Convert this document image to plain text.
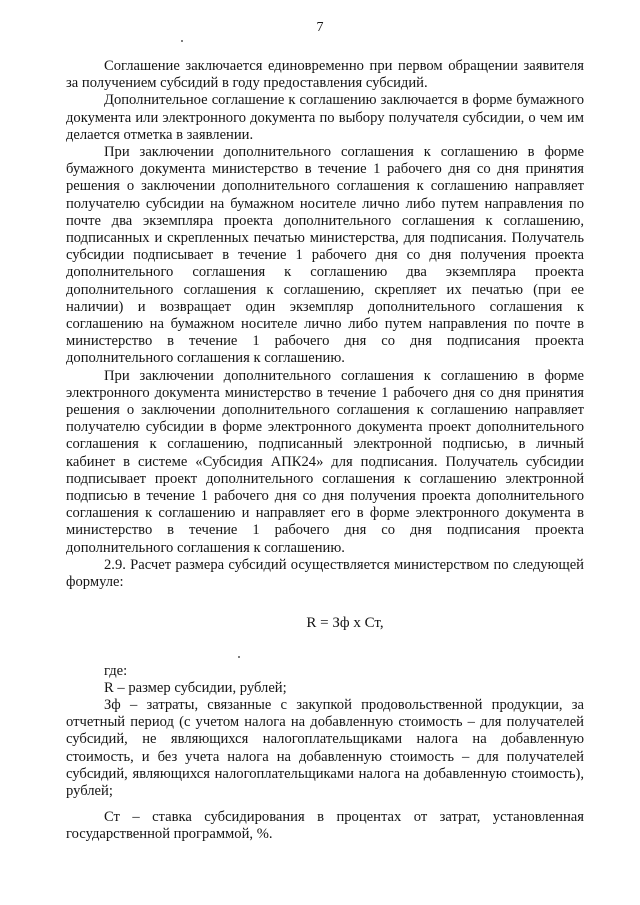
7

Соглашение заключается единовременно при первом обращении заявителя за получением субсидий в году предоставления субсидий.

Дополнительное соглашение к соглашению заключается в форме бумажного документа или электронного документа по выбору получателя субсидии, о чем им делается отметка в заявлении.

При заключении дополнительного соглашения к соглашению в форме бумажного документа министерство в течение 1 рабочего дня со дня принятия решения о заключении дополнительного соглашения к соглашению направляет получателю субсидии на бумажном носителе лично либо путем направления по почте два экземпляра проекта дополнительного соглашения к соглашению, подписанных и скрепленных печатью министерства, для подписания. Получатель субсидии подписывает в течение 1 рабочего дня со дня получения проекта дополнительного соглашения к соглашению два экземпляра проекта дополнительного соглашения к соглашению, скрепляет их печатью (при ее наличии) и возвращает один экземпляр дополнительного соглашения к соглашению на бумажном носителе лично либо путем направления по почте в министерство в течение 1 рабочего дня со дня подписания проекта дополнительного соглашения к соглашению.

При заключении дополнительного соглашения к соглашению в форме электронного документа министерство в течение 1 рабочего дня со дня принятия решения о заключении дополнительного соглашения к соглашению направляет получателю субсидии в форме электронного документа проект дополнительного соглашения к соглашению, подписанный электронной подписью, в личный кабинет в системе «Субсидия АПК24» для подписания. Получатель субсидии подписывает проект дополнительного соглашения к соглашению электронной подписью в течение 1 рабочего дня со дня получения проекта дополнительного соглашения к соглашению и направляет его в форме электронного документа в министерство в течение 1 рабочего дня со дня подписания проекта дополнительного соглашения к соглашению.

2.9. Расчет размера субсидий осуществляется министерством по следующей формуле:

R = Зф х Ст,

где:

R – размер субсидии, рублей;

Зф – затраты, связанные с закупкой продовольственной продукции, за отчетный период (с учетом налога на добавленную стоимость – для получателей субсидий, не являющихся налогоплательщиками налога на добавленную стоимость, и без учета налога на добавленную стоимость – для получателей субсидий, являющихся налогоплательщиками налога на добавленную стоимость), рублей;

Ст – ставка субсидирования в процентах от затрат, установленная государственной программой, %.
